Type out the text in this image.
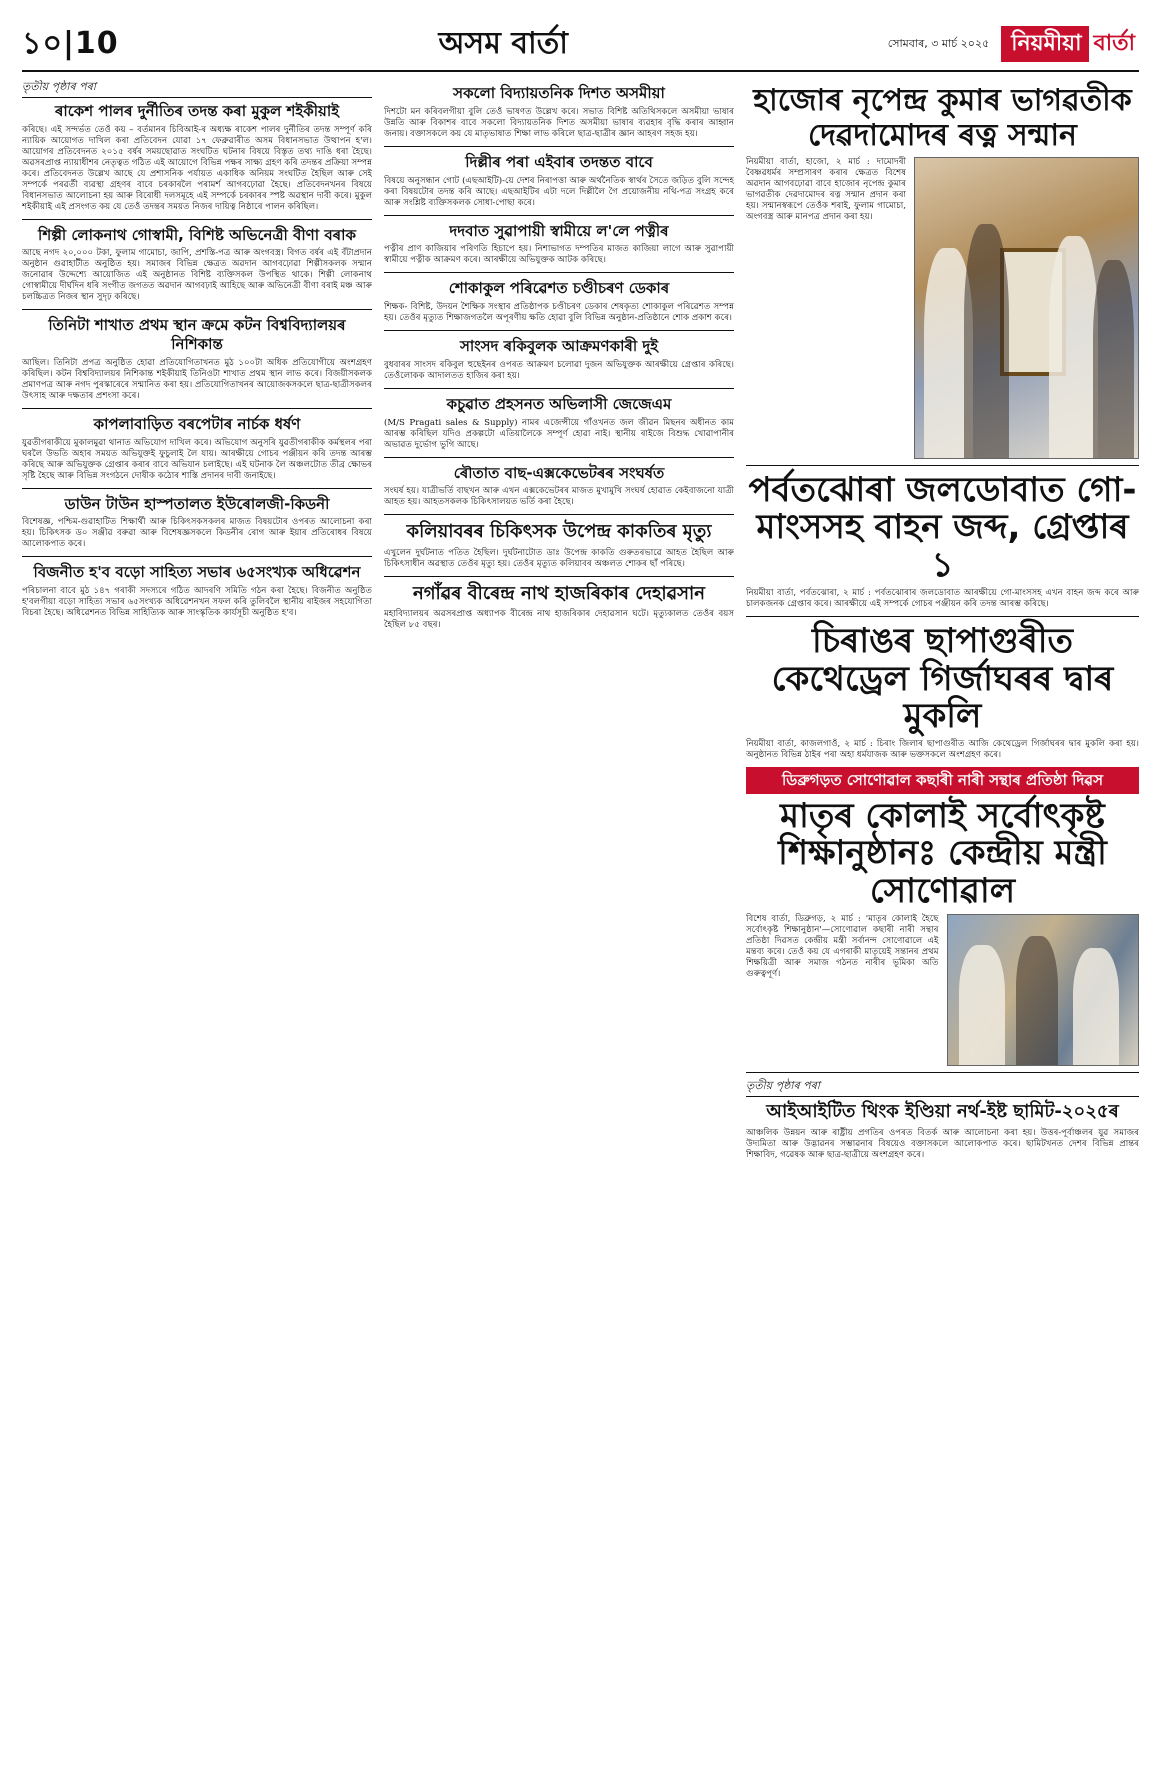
১০|10	অসম বাৰ্তা	সোমবাৰ, ৩ মাৰ্চ ২০২৫	নিয়মীয়া বাৰ্তা
তৃতীয় পৃষ্ঠাৰ পৰা
ৰাকেশ পালৰ দুৰ্নীতিৰ তদন্ত কৰা মুকুল শইকীয়াই

কৰিছে। এই সন্দৰ্ভত তেওঁ কয় – বৰ্তমানৰ চিবিআই-ৰ অধ্যক্ষ ৰাকেশ পালৰ দুৰ্নীতিৰ তদন্ত সম্পূৰ্ণ কৰি ন্যায়িক আয়োগত দাখিল কৰা প্ৰতিবেদন যোৱা ১৭ ফেব্ৰুৱাৰীত অসম বিধানসভাত উত্থাপন হ'ল। আয়োগৰ প্ৰতিবেদনত ২০১৫ বৰ্ষৰ সময়ছোৱাত সংঘটিত ঘটনাৰ বিষয়ে বিস্তৃত তথ্য দাঙি ধৰা হৈছে। অৱসৰপ্ৰাপ্ত ন্যায়াধীশৰ নেতৃত্বত গঠিত এই আয়োগে বিভিন্ন পক্ষৰ সাক্ষ্য গ্ৰহণ কৰি তদন্তৰ প্ৰক্ৰিয়া সম্পন্ন কৰে। প্ৰতিবেদনত উল্লেখ আছে যে প্ৰশাসনিক পৰ্যায়ত একাধিক অনিয়ম সংঘটিত হৈছিল আৰু সেই সম্পৰ্কে পৰৱৰ্তী ব্যৱস্থা গ্ৰহণৰ বাবে চৰকাৰলৈ পৰামৰ্শ আগবঢ়োৱা হৈছে। প্ৰতিবেদনখনৰ বিষয়ে বিধানসভাত আলোচনা হয় আৰু বিৰোধী দলসমূহে এই সম্পৰ্কে চৰকাৰৰ স্পষ্ট অৱস্থান দাবী কৰে। মুকুল শইকীয়াই এই প্ৰসংগত কয় যে তেওঁ তদন্তৰ সময়ত নিজৰ দায়িত্ব নিষ্ঠাৰে পালন কৰিছিল।

শিল্পী লোকনাথ গোস্বামী, বিশিষ্ট অভিনেত্ৰী বীণা বৰাক

আছে নগদ ২০,০০০ টকা, ফুলাম গামোচা, জাপি, প্ৰশস্তি-পত্ৰ আৰু অংগবস্ত্ৰ। বিগত বৰ্ষৰ এই বঁটাপ্ৰদান অনুষ্ঠান গুৱাহাটীত অনুষ্ঠিত হয়। সমাজৰ বিভিন্ন ক্ষেত্ৰত অৱদান আগবঢ়োৱা শিল্পীসকলক সন্মান জনোৱাৰ উদ্দেশ্যে আয়োজিত এই অনুষ্ঠানত বিশিষ্ট ব্যক্তিসকল উপস্থিত থাকে। শিল্পী লোকনাথ গোস্বামীয়ে দীৰ্ঘদিন ধৰি সংগীত জগতত অৱদান আগবঢ়াই আহিছে আৰু অভিনেত্ৰী বীণা বৰাই মঞ্চ আৰু চলচ্চিত্ৰত নিজৰ স্থান সুদৃঢ় কৰিছে।

তিনিটা শাখাত প্ৰথম স্থান ক্ৰমে কটন বিশ্ববিদ্যালয়ৰ নিশিকান্ত

আছিল। তিনিটা প্ৰপত্ৰ অনুষ্ঠিত হোৱা প্ৰতিযোগিতাখনত মুঠ ১০০টা অধিক প্ৰতিযোগীয়ে অংশগ্ৰহণ কৰিছিল। কটন বিশ্ববিদ্যালয়ৰ নিশিকান্ত শইকীয়াই তিনিওটা শাখাত প্ৰথম স্থান লাভ কৰে। বিজয়ীসকলক প্ৰমাণপত্ৰ আৰু নগদ পুৰস্কাৰেৰে সন্মানিত কৰা হয়। প্ৰতিযোগিতাখনৰ আয়োজকসকলে ছাত্ৰ-ছাত্ৰীসকলৰ উৎসাহ আৰু দক্ষতাৰ প্ৰশংসা কৰে।

কাপলাবাড়িত বৰপেটাৰ নাৰ্চক ধৰ্ষণ

যুৱতীগৰাকীয়ে মুকালমুৱা থানাত অভিযোগ দাখিল কৰে। অভিযোগ অনুসৰি যুৱতীগৰাকীক কৰ্মস্থলৰ পৰা ঘৰলৈ উভতি অহাৰ সময়ত অভিযুক্তই ফুচুলাই লৈ যায়। আৰক্ষীয়ে গোচৰ পঞ্জীয়ন কৰি তদন্ত আৰম্ভ কৰিছে আৰু অভিযুক্তক গ্ৰেপ্তাৰ কৰাৰ বাবে অভিযান চলাইছে। এই ঘটনাক লৈ অঞ্চলটোত তীব্ৰ ক্ষোভৰ সৃষ্টি হৈছে আৰু বিভিন্ন সংগঠনে দোষীক কঠোৰ শাস্তি প্ৰদানৰ দাবী জনাইছে।

ডাউন টাউন হাস্পতালত ইউৰোলজী-কিডনী

বিশেষজ্ঞ, পশ্চিম-গুৱাহাটিত শিক্ষাৰ্থী আৰু চিকিৎসকসকলৰ মাজত বিষয়টোৰ ওপৰত আলোচনা কৰা হয়। চিকিৎসক ড০ সঞ্জীৱ বৰুৱা আৰু বিশেষজ্ঞসকলে কিডনীৰ ৰোগ আৰু ইয়াৰ প্ৰতিৰোধৰ বিষয়ে আলোকপাত কৰে।

বিজনীত হ'ব বড়ো সাহিত্য সভাৰ ৬৫সংখ্যক অধিৱেশন

পৰিচালনা বাবে মুঠ ১৪৭ গৰাকী সদস্যৰে গঠিত আদৰণি সমিতি গঠন কৰা হৈছে। বিজনীত অনুষ্ঠিত হ'বলগীয়া বড়ো সাহিত্য সভাৰ ৬৫সংখ্যক অধিৱেশনখন সফল কৰি তুলিবলৈ স্থানীয় ৰাইজৰ সহযোগিতা বিচৰা হৈছে। অধিৱেশনত বিভিন্ন সাহিত্যিক আৰু সাংস্কৃতিক কাৰ্যসূচী অনুষ্ঠিত হ'ব।

সকলো বিদ্যায়তনিক দিশত অসমীয়া

দিশটো মন কৰিবলগীয়া বুলি তেওঁ ভাষণত উল্লেখ কৰে। সভাত বিশিষ্ট অতিথিসকলে অসমীয়া ভাষাৰ উন্নতি আৰু বিকাশৰ বাবে সকলো বিদ্যায়তনিক দিশত অসমীয়া ভাষাৰ ব্যৱহাৰ বৃদ্ধি কৰাৰ আহ্বান জনায়। বক্তাসকলে কয় যে মাতৃভাষাত শিক্ষা লাভ কৰিলে ছাত্ৰ-ছাত্ৰীৰ জ্ঞান আহৰণ সহজ হয়।

দিল্লীৰ পৰা এইবাৰ তদন্তত বাবে

বিষয়ে অনুসন্ধান গোট (এছআইটি)-য়ে দেশৰ নিৰাপত্তা আৰু অৰ্থনৈতিক স্বাৰ্থৰ সৈতে জড়িত বুলি সন্দেহ কৰা বিষয়টোৰ তদন্ত কৰি আছে। এছআইটিৰ এটা দলে দিল্লীলৈ গৈ প্ৰয়োজনীয় নথি-পত্ৰ সংগ্ৰহ কৰে আৰু সংশ্লিষ্ট ব্যক্তিসকলক সোধা-পোছা কৰে।

দদবাত সুৱাপায়ী স্বামীয়ে ল'লে পত্নীৰ

পত্নীৰ প্ৰাণ কাজিয়াৰ পৰিণতি হিচাপে হয়। নিশাভাগত দম্পতিৰ মাজত কাজিয়া লাগে আৰু সুৱাপায়ী স্বামীয়ে পত্নীক আক্ৰমণ কৰে। আৰক্ষীয়ে অভিযুক্তক আটক কৰিছে।

শোকাকুল পৰিৱেশত চণ্ডীচৰণ ডেকাৰ

শিক্ষক- বিশিষ্ট, উদয়ন শৈক্ষিক সংস্থাৰ প্ৰতিষ্ঠাপক চণ্ডীচৰণ ডেকাৰ শেষকৃত্য শোকাকুল পৰিৱেশত সম্পন্ন হয়। তেওঁৰ মৃত্যুত শিক্ষাজগতলৈ অপূৰণীয় ক্ষতি হোৱা বুলি বিভিন্ন অনুষ্ঠান-প্ৰতিষ্ঠানে শোক প্ৰকাশ কৰে।

সাংসদ ৰকিবুলক আক্ৰমণকাৰী দুই

বুধবাৰৰ সাংসদ ৰকিবুল হুছেইনৰ ওপৰত আক্ৰমণ চলোৱা দুজন অভিযুক্তক আৰক্ষীয়ে গ্ৰেপ্তাৰ কৰিছে। তেওঁলোকক আদালতত হাজিৰ কৰা হয়।

কচুৱাত প্ৰহসনত অভিলাসী জেজেএম

(M/S Pragati sales & Supply) নামৰ এজেন্সীয়ে গাঁওখনত জল জীৱন মিছনৰ অধীনত কাম আৰম্ভ কৰিছিল যদিও প্ৰকল্পটো এতিয়ালৈকে সম্পূৰ্ণ হোৱা নাই। স্থানীয় ৰাইজে বিশুদ্ধ খোৱাপানীৰ অভাৱত দুৰ্ভোগ ভুগি আছে।

ৰৌতাত বাছ-এক্সকেভেটৰৰ সংঘৰ্ষত

সংঘৰ্ষ হয়। যাত্ৰীভৰ্তি বাছখন আৰু এখন এক্সকেভেটৰৰ মাজত মুখামুখি সংঘৰ্ষ হোৱাত কেইবাজনো যাত্ৰী আহত হয়। আহতসকলক চিকিৎসালয়ত ভৰ্তি কৰা হৈছে।

কলিয়াবৰৰ চিকিৎসক উপেন্দ্ৰ কাকতিৰ মৃত্যু

এখুলেন দুৰ্ঘটনাত পতিত হৈছিল। দুৰ্ঘটনাটোত ডাঃ উপেন্দ্ৰ কাকতি গুৰুতৰভাৱে আহত হৈছিল আৰু চিকিৎসাধীন অৱস্থাত তেওঁৰ মৃত্যু হয়। তেওঁৰ মৃত্যুত কলিয়াবৰ অঞ্চলত শোকৰ ছাঁ পৰিছে।

নগাঁৱৰ বীৰেন্দ্ৰ নাথ হাজৰিকাৰ দেহাৱসান

মহাবিদ্যালয়ৰ অৱসৰপ্ৰাপ্ত অধ্যাপক বীৰেন্দ্ৰ নাথ হাজৰিকাৰ দেহাৱসান ঘটে। মৃত্যুকালত তেওঁৰ বয়স হৈছিল ৮৫ বছৰ।

হাজোৰ নৃপেন্দ্ৰ কুমাৰ ভাগৱতীক দেৱদামোদৰ ৰত্ন সন্মান

নিয়মীয়া বাৰ্তা, হাজো, ২ মাৰ্চ : দামোদৰী বৈষ্ণৱধৰ্মৰ সম্প্ৰসাৰণ কৰাৰ ক্ষেত্ৰত বিশেষ অৱদান আগবঢ়োৱা বাবে হাজোৰ নৃপেন্দ্ৰ কুমাৰ ভাগৱতীক দেৱদামোদৰ ৰত্ন সন্মান প্ৰদান কৰা হয়। সন্মানস্বৰূপে তেওঁক শৰাই, ফুলাম গামোচা, অংগবস্ত্ৰ আৰু মানপত্ৰ প্ৰদান কৰা হয়।

পৰ্বতঝোৰা জলডোবাত গো-মাংসসহ বাহন জব্দ, গ্ৰেপ্তাৰ ১

নিয়মীয়া বাৰ্তা, পৰ্বতঝোৰা, ২ মাৰ্চ : পৰ্বতঝোৰাৰ জলডোবাত আৰক্ষীয়ে গো-মাংসসহ এখন বাহন জব্দ কৰে আৰু চালকজনক গ্ৰেপ্তাৰ কৰে। আৰক্ষীয়ে এই সম্পৰ্কে গোচৰ পঞ্জীয়ন কৰি তদন্ত আৰম্ভ কৰিছে।

চিৰাঙৰ ছাপাগুৰীত কেথেড্ৰেল গিৰ্জাঘৰৰ দ্বাৰ মুকলি

নিয়মীয়া বাৰ্তা, কাজলগাওঁ, ২ মাৰ্চ : চিৰাং জিলাৰ ছাপাগুৰীত আজি কেথেড্ৰেল গিৰ্জাঘৰৰ দ্বাৰ মুকলি কৰা হয়। অনুষ্ঠানত বিভিন্ন ঠাইৰ পৰা অহা ধৰ্মযাজক আৰু ভক্তসকলে অংশগ্ৰহণ কৰে।

ডিব্ৰুগড়ত সোণোৱাল কছাৰী নাৰী সন্থাৰ প্ৰতিষ্ঠা দিৱস
মাতৃৰ কোলাই সৰ্বোৎকৃষ্ট শিক্ষানুষ্ঠানঃ কেন্দ্ৰীয় মন্ত্ৰী সোণোৱাল

বিশেষ বাৰ্তা, ডিব্ৰুগড়, ২ মাৰ্চ : 'মাতৃৰ কোলাই হৈছে সৰ্বোৎকৃষ্ট শিক্ষানুষ্ঠান'—সোণোৱাল কছাৰী নাৰী সন্থাৰ প্ৰতিষ্ঠা দিৱসত কেন্দ্ৰীয় মন্ত্ৰী সৰ্বানন্দ সোণোৱালে এই মন্তব্য কৰে। তেওঁ কয় যে এগৰাকী মাতৃয়েই সন্তানৰ প্ৰথম শিক্ষয়িত্ৰী আৰু সমাজ গঠনত নাৰীৰ ভূমিকা অতি গুৰুত্বপূৰ্ণ।

তৃতীয় পৃষ্ঠাৰ পৰা
আইআইটিত থিংক ইণ্ডিয়া নৰ্থ-ইষ্ট ছামিট-২০২৫ৰ

আঞ্চলিক উন্নয়ন আৰু ৰাষ্ট্ৰীয় প্ৰগতিৰ ওপৰত বিতৰ্ক আৰু আলোচনা কৰা হয়। উত্তৰ-পূৰ্বাঞ্চলৰ যুৱ সমাজৰ উদ্যমিতা আৰু উদ্ভাৱনৰ সম্ভাৱনাৰ বিষয়েও বক্তাসকলে আলোকপাত কৰে। ছামিটখনত দেশৰ বিভিন্ন প্ৰান্তৰ শিক্ষাবিদ, গৱেষক আৰু ছাত্ৰ-ছাত্ৰীয়ে অংশগ্ৰহণ কৰে।
